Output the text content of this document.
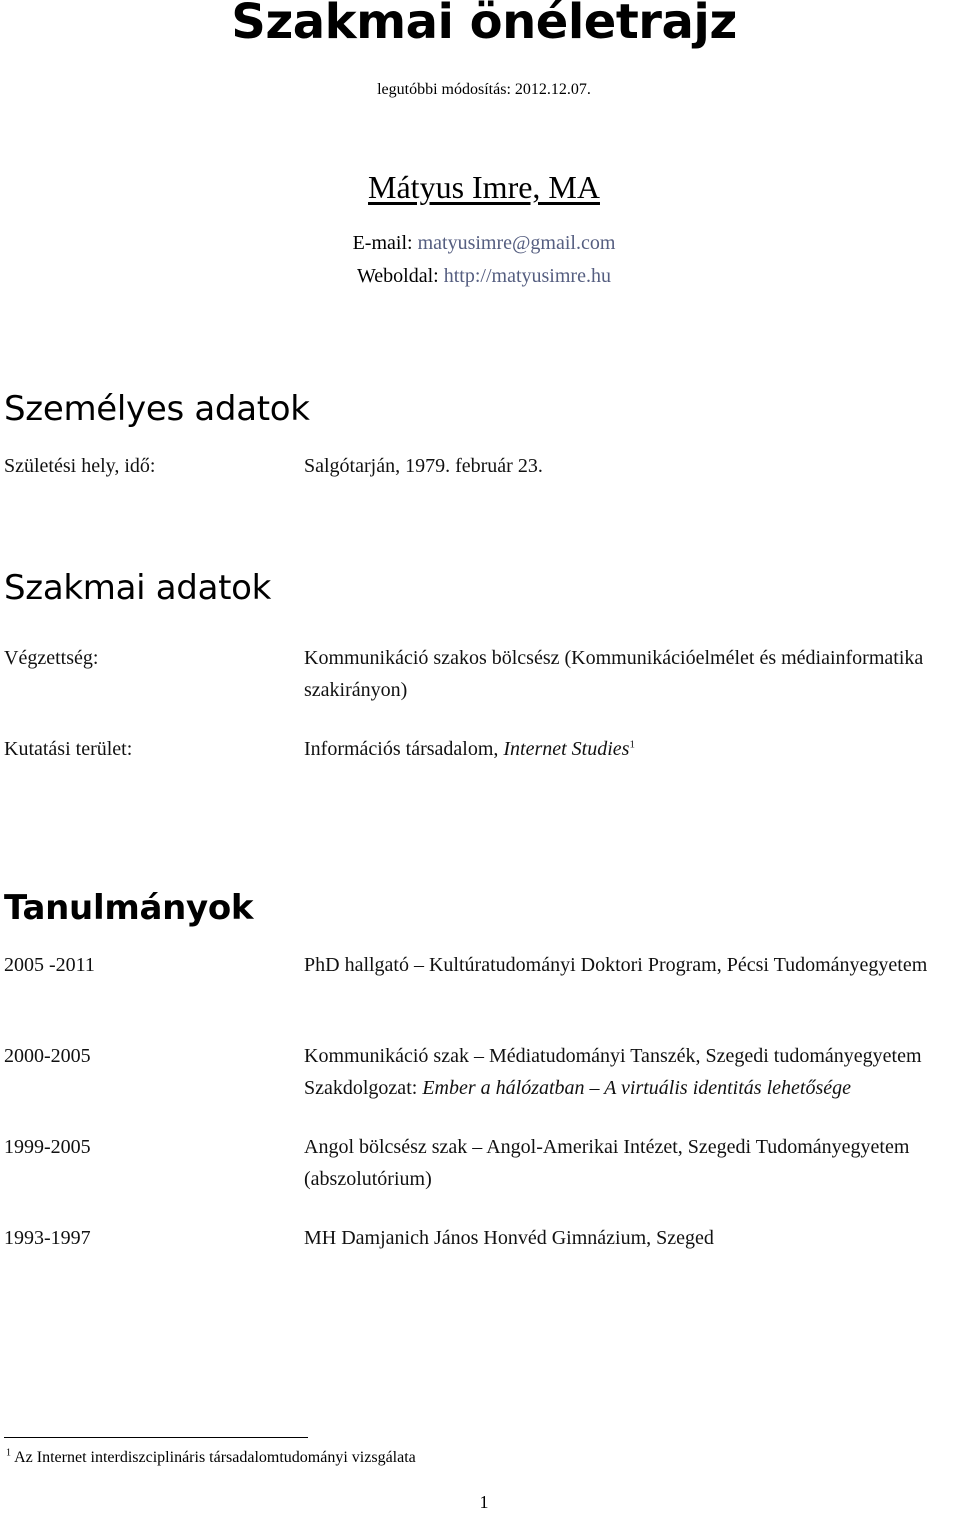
Szakmai önéletrajz
legutóbbi módosítás: 2012.12.07.
Mátyus Imre, MA
E-mail: matyusimre@gmail.com
Weboldal: http://matyusimre.hu
Személyes adatok
Születési hely, idő:	Salgótarján, 1979. február 23.
Szakmai adatok
Végzettség:	Kommunikáció szakos bölcsész (Kommunikációelmélet és médiainformatika szakirányon)
Kutatási terület:	Információs társadalom, Internet Studies$^1$
Tanulmányok
2005 -2011	PhD hallgató – Kultúratudományi Doktori Program, Pécsi Tudományegyetem
2000-2005	Kommunikáció szak – Médiatudományi Tanszék, Szegedi tudományegyetem
Szakdolgozat: Ember a hálózatban – A virtuális identitás lehetősége
1999-2005	Angol bölcsész szak – Angol-Amerikai Intézet, Szegedi Tudományegyetem (abszolutórium)
1993-1997	MH Damjanich János Honvéd Gimnázium, Szeged
$^1$ Az Internet interdiszciplináris társadalomtudományi vizsgálata
1
